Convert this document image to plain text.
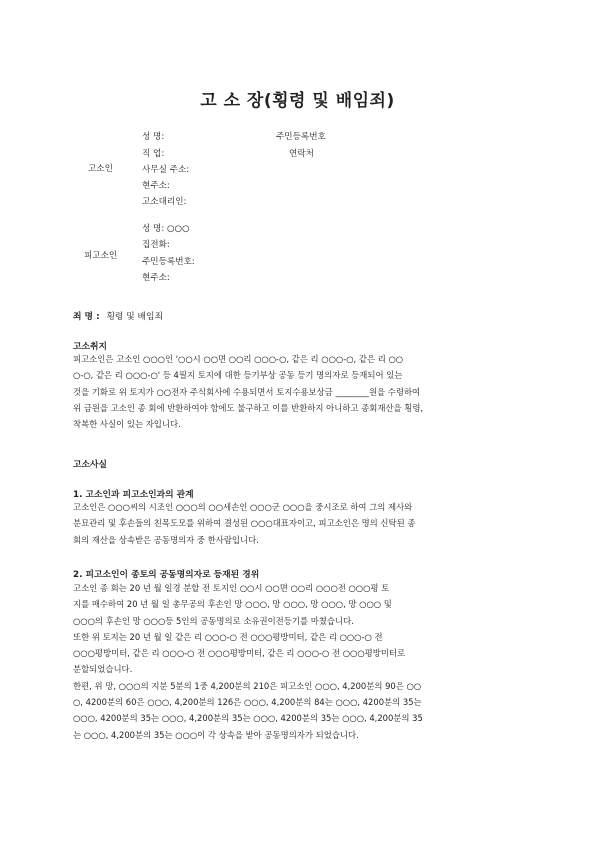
고 소 장(횡령 및 배임죄)
고소인
성 명:	주민등록번호
직 업:	연락처
사무실 주소:
현주소:
고소대리인:
피고소인
성 명: ○○○
집전화:
주민등록번호:
현주소:
죄 명 : 횡령 및 배임죄
고소취지
피고소인은 고소인 ○○○인 '○○시 ○○면 ○○리 ○○○-○, 같은 리 ○○○-○, 같은 리 ○○
○-○, 같은 리 ○○○-○' 등 4필지 토지에 대한 등기부상 공동 등기 명의자로 등재되어 있는
것을 기화로 위 토지가 ○○전자 주식회사에 수용되면서 토지수용보상금 ________원을 수령하여
위 금원을 고소인 종 회에 반환하여야 함에도 불구하고 이를 반환하지 아니하고 종회재산을 횡령,
착복한 사실이 있는 자입니다.
고소사실
1. 고소인과 피고소인과의 관계
고소인은 ○○○씨의 시조인 ○○○의 ○○세손인 ○○○군 ○○○을 중시조로 하여 그의 제사와
분묘관리 및 후손들의 친목도모를 위하여 결성된 ○○○대표자이고, 피고소인은 명의 신탁된 종
회의 재산을 상속받은 공동명의자 중 한사람입니다.
2. 피고소인이 종토의 공동명의자로 등재된 경위
고소인 종 회는 20 년 월 일경 분할 전 토지인 ○○시 ○○면 ○○리 ○○○전 ○○○평 토
지를 매수하여 20 년 월 일 총무공의 후손인 망 ○○○, 망 ○○○, 망 ○○○, 망 ○○○ 및
○○○의 후손인 망 ○○○등 5인의 공동명의로 소유권이전등기를 마쳤습니다.
또한 위 토지는 20 년 월 일 같은 리 ○○○-○ 전 ○○○평방미터, 같은 리 ○○○-○ 전
○○○평방미터, 같은 리 ○○○-○ 전 ○○○평방미터, 같은 리 ○○○-○ 전 ○○○평방미터로
분할되었습니다.
한편, 위 망, ○○○의 지분 5분의 1중 4,200분의 210은 피고소인 ○○○, 4,200분의 90은 ○○
○, 4200분의 60은 ○○○, 4,200분의 126은 ○○○, 4,200분의 84는 ○○○, 4200분의 35는
○○○, 4200분의 35는 ○○○, 4,200분의 35는 ○○○, 4200분의 35는 ○○○, 4,200분의 35
는 ○○○, 4,200분의 35는 ○○○이 각 상속을 받아 공동명의자가 되었습니다.
